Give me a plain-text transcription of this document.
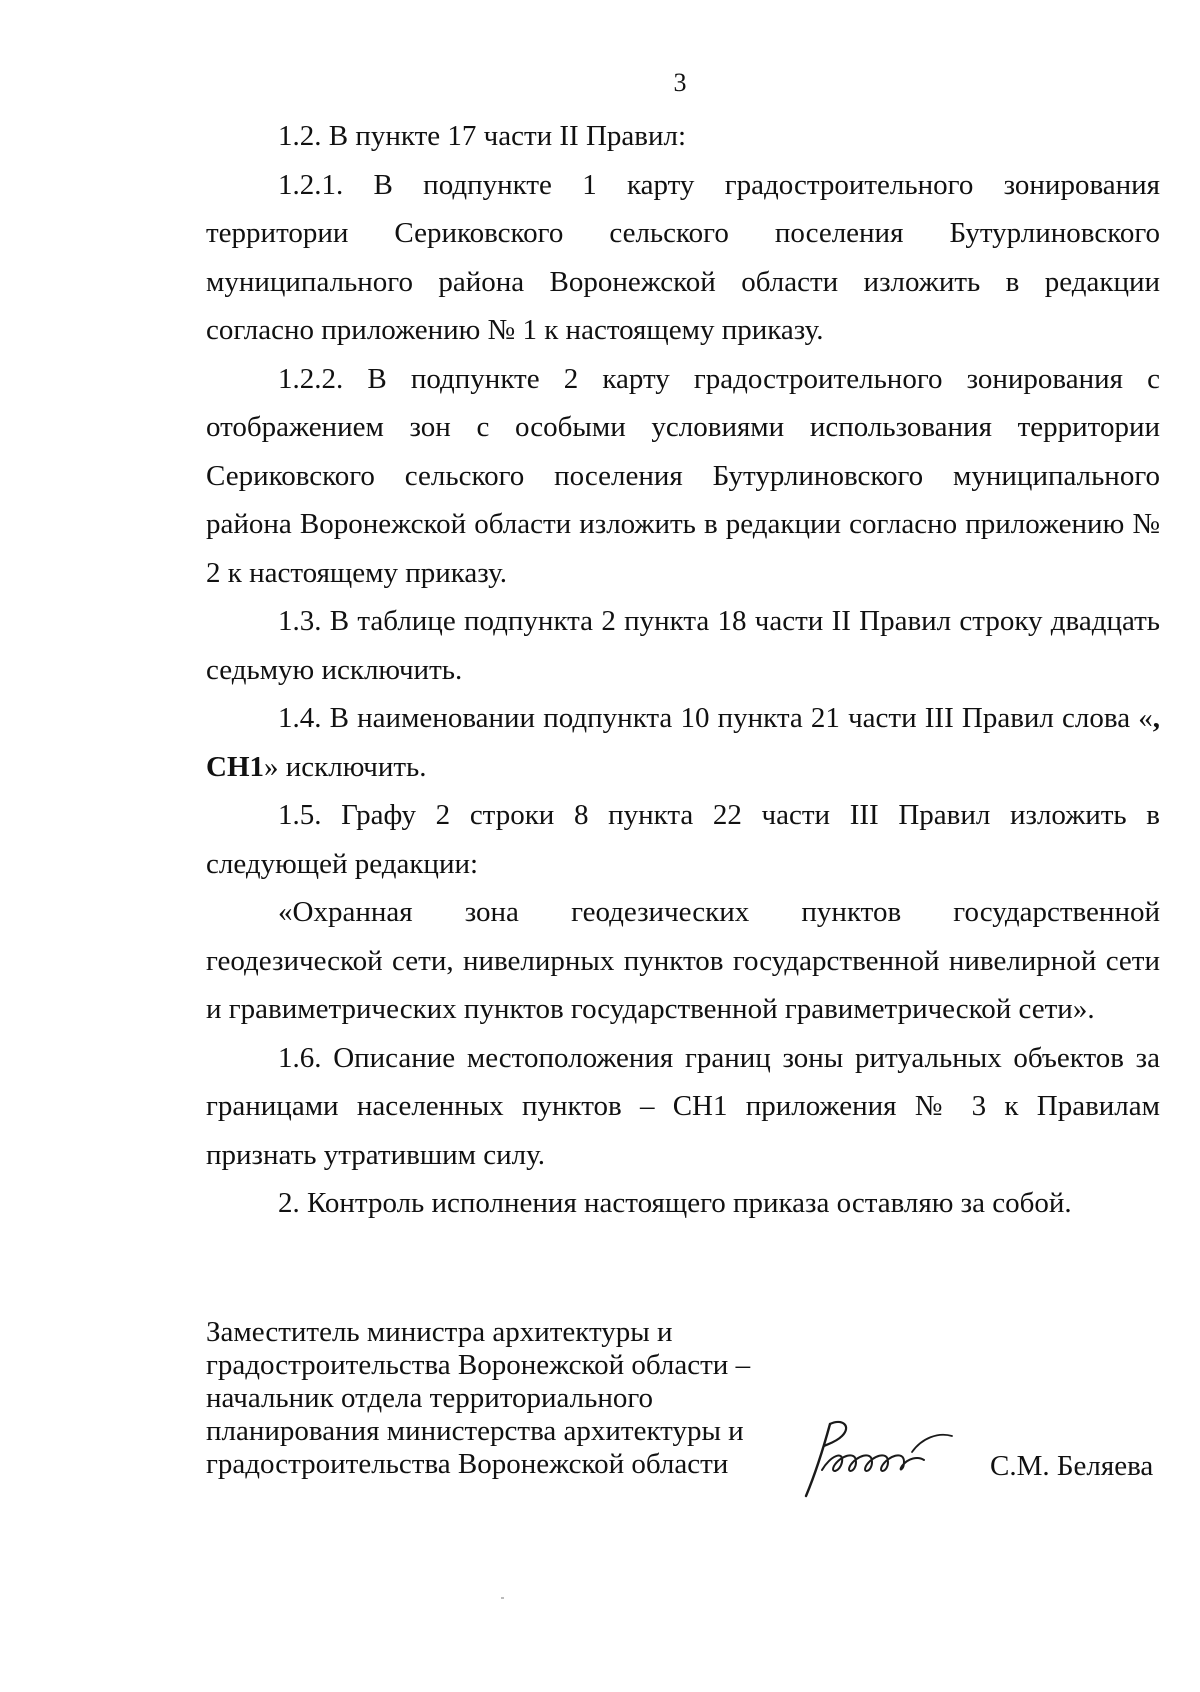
3

1.2. В пункте 17 части II Правил:

1.2.1. В подпункте 1 карту градостроительного зонирования территории Сериковского сельского поселения Бутурлиновского муниципального района Воронежской области изложить в редакции согласно приложению № 1 к настоящему приказу.

1.2.2. В подпункте 2 карту градостроительного зонирования с отображением зон с особыми условиями использования территории Сериковского сельского поселения Бутурлиновского муниципального района Воронежской области изложить в редакции согласно приложению № 2 к настоящему приказу.

1.3. В таблице подпункта 2 пункта 18 части II Правил строку двадцать седьмую исключить.

1.4. В наименовании подпункта 10 пункта 21 части III Правил слова «, СН1» исключить.

1.5. Графу 2 строки 8 пункта 22 части III Правил изложить в следующей редакции:

«Охранная зона геодезических пунктов государственной геодезической сети, нивелирных пунктов государственной нивелирной сети и гравиметрических пунктов государственной гравиметрической сети».

1.6. Описание местоположения границ зоны ритуальных объектов за границами населенных пунктов – СН1 приложения № 3 к Правилам признать утратившим силу.

2. Контроль исполнения настоящего приказа оставляю за собой.

Заместитель министра архитектуры и
градостроительства Воронежской области –
начальник отдела территориального
планирования министерства архитектуры и
градостроительства Воронежской области	С.М. Беляева
